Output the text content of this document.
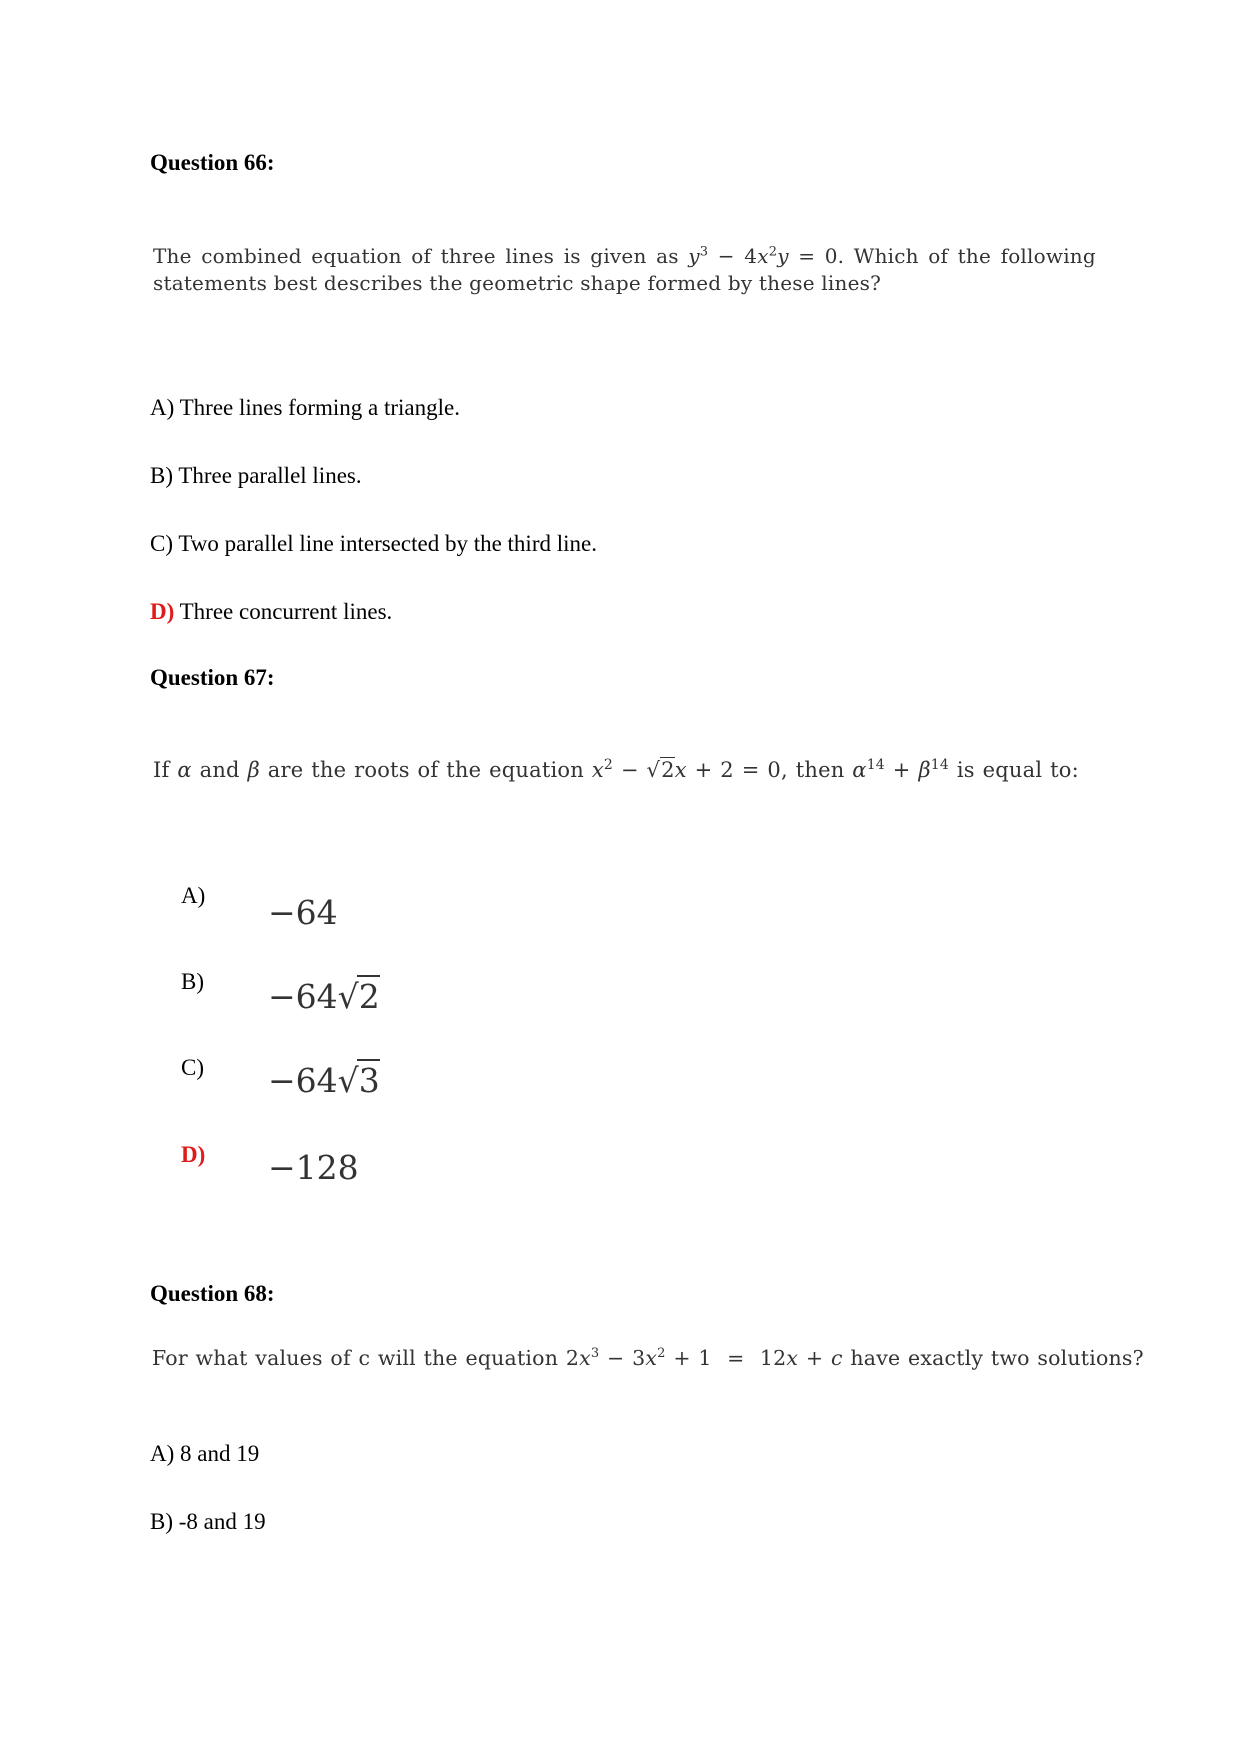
Question 66:
The combined equation of three lines is given as $y^3 - 4x^2y = 0$. Which of the following
statements best describes the geometric shape formed by these lines?
A) Three lines forming a triangle.
B) Three parallel lines.
C) Two parallel line intersected by the third line.
D) Three concurrent lines.
Question 67:
If α and β are the roots of the equation $x^2 - √2x + 2 = 0$, then $\alpha^{14} + \beta^{14}$ is equal to:
A) −64
B) −64√2
C) −64√3
D) −128
Question 68:
For what values of c will the equation $2x^3 - 3x^2 + 1 = 12x + c$ have exactly two solutions?
A) 8 and 19
B) -8 and 19
